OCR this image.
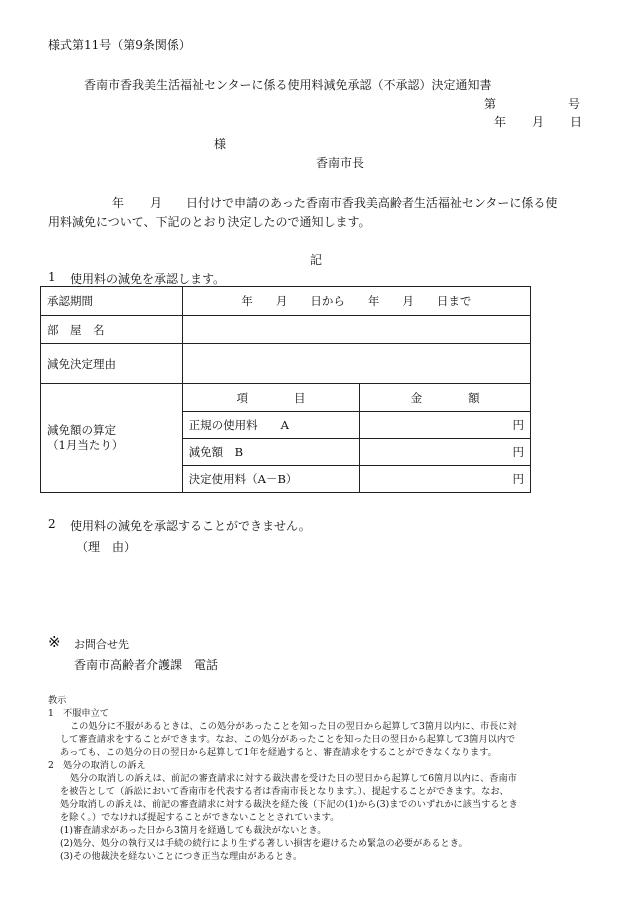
様式第11号（第9条関係）
香南市香我美生活福祉センターに係る使用料減免承認（不承認）決定通知書
第	号
年 月 日
様
香南市長
年 月 日付けで申請のあった香南市香我美高齢者生活福祉センターに係る使
用料減免について、下記のとおり決定したので通知します。
記
1 使用料の減免を承認します。
承認期間	年　　月　　日から　　年　　月　　日まで	
部　屋　名		
減免決定理由		

減免額の算定
（1月当たり）	項　　　　目	金　　　　額
	正規の使用料　　A	円
	減免額　B	円
	決定使用料（A－B）	円
2 使用料の減免を承認することができません。
（理　由）
※ お問合せ先
香南市高齢者介護課　電話
教示
1　不服申立て
この処分に不服があるときは、この処分があったことを知った日の翌日から起算して3箇月以内に、市長に対
して審査請求をすることができます。なお、この処分があったことを知った日の翌日から起算して3箇月以内で
あっても、この処分の日の翌日から起算して1年を経過すると、審査請求をすることができなくなります。
2　処分の取消しの訴え
処分の取消しの訴えは、前記の審査請求に対する裁決書を受けた日の翌日から起算して6箇月以内に、香南市
を被告として（訴訟において香南市を代表する者は香南市長となります。）、提起することができます。なお、
処分取消しの訴えは、前記の審査請求に対する裁決を経た後（下記の(1)から(3)までのいずれかに該当するとき
を除く。）でなければ提起することができないこととされています。
(1)審査請求があった日から3箇月を経過しても裁決がないとき。
(2)処分、処分の執行又は手続の続行により生ずる著しい損害を避けるため緊急の必要があるとき。
(3)その他裁決を経ないことにつき正当な理由があるとき。
